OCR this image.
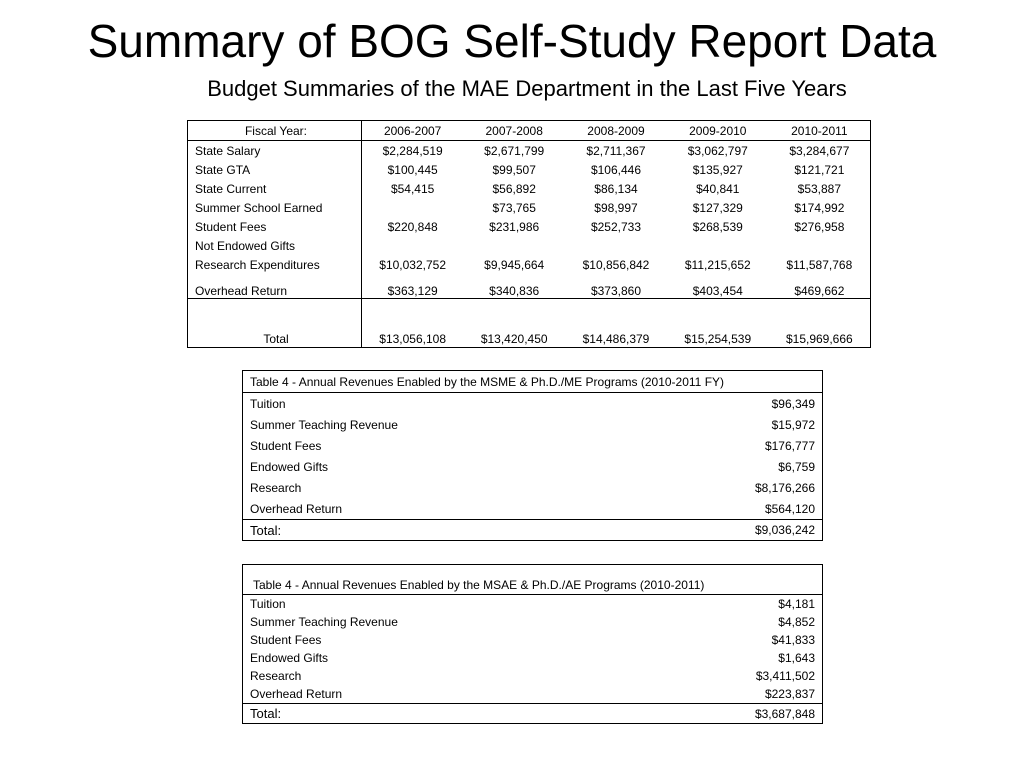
Summary of BOG Self-Study Report Data
Budget Summaries of the MAE Department in the Last Five Years
Fiscal Year:	2006-2007	2007-2008	2008-2009	2009-2010	2010-2011
State Salary	$2,284,519	$2,671,799	$2,711,367	$3,062,797	$3,284,677
State GTA	$100,445	$99,507	$106,446	$135,927	$121,721
State Current	$54,415	$56,892	$86,134	$40,841	$53,887
Summer School Earned		$73,765	$98,997	$127,329	$174,992
Student Fees	$220,848	$231,986	$252,733	$268,539	$276,958
Not Endowed Gifts					
Research Expenditures	$10,032,752	$9,945,664	$10,856,842	$11,215,652	$11,587,768
Overhead Return	$363,129	$340,836	$373,860	$403,454	$469,662
Total	$13,056,108	$13,420,450	$14,486,379	$15,254,539	$15,969,666
Table 4 - Annual Revenues Enabled by the MSME & Ph.D./ME Programs (2010-2011 FY)	
Tuition	$96,349
Summer Teaching Revenue	$15,972
Student Fees	$176,777
Endowed Gifts	$6,759
Research	$8,176,266
Overhead Return	$564,120
Total:	$9,036,242
Table 4 - Annual Revenues Enabled by the MSAE & Ph.D./AE Programs (2010-2011)	
Tuition	$4,181
Summer Teaching Revenue	$4,852
Student Fees	$41,833
Endowed Gifts	$1,643
Research	$3,411,502
Overhead Return	$223,837
Total:	$3,687,848
